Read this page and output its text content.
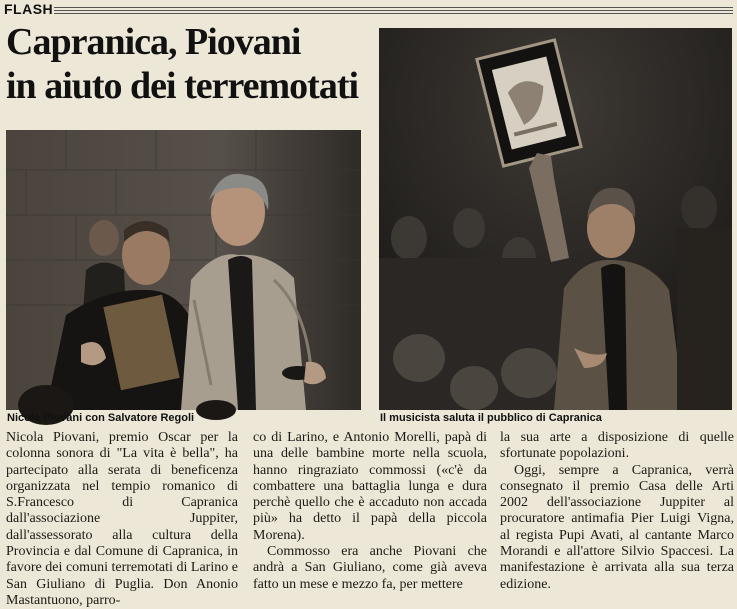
FLASH
Capranica, Piovani
in aiuto dei terremotati
Nicola Piovani con Salvatore Regoli	Il musicista saluta il pubblico di Capranica

Nicola Piovani, premio Oscar per la colonna sonora di "La vita è bella", ha partecipato alla serata di beneficenza organizzata nel tempio romanico di S.Francesco di Capranica dall'associazione Juppiter, dall'assessorato alla cultura della Provincia e dal Comune di Capranica, in favore dei comuni terremotati di Larino e San Giuliano di Puglia. Don Anonio Mastantuono, parro-

co di Larino, e Antonio Morelli, papà di una delle bambine morte nella scuola, hanno ringraziato commossi («c'è da combattere una battaglia lunga e dura perchè quello che è accaduto non accada più» ha detto il papà della piccola Morena).

Commosso era anche Piovani che andrà a San Giuliano, come già aveva fatto un mese e mezzo fa, per mettere

la sua arte a disposizione di quelle sfortunate popolazioni.

Oggi, sempre a Capranica, verrà consegnato il premio Casa delle Arti 2002 dell'associazione Juppiter al procuratore antimafia Pier Luigi Vigna, al regista Pupi Avati, al cantante Marco Morandi e all'attore Silvio Spaccesi. La manifestazione è arrivata alla sua terza edizione.
